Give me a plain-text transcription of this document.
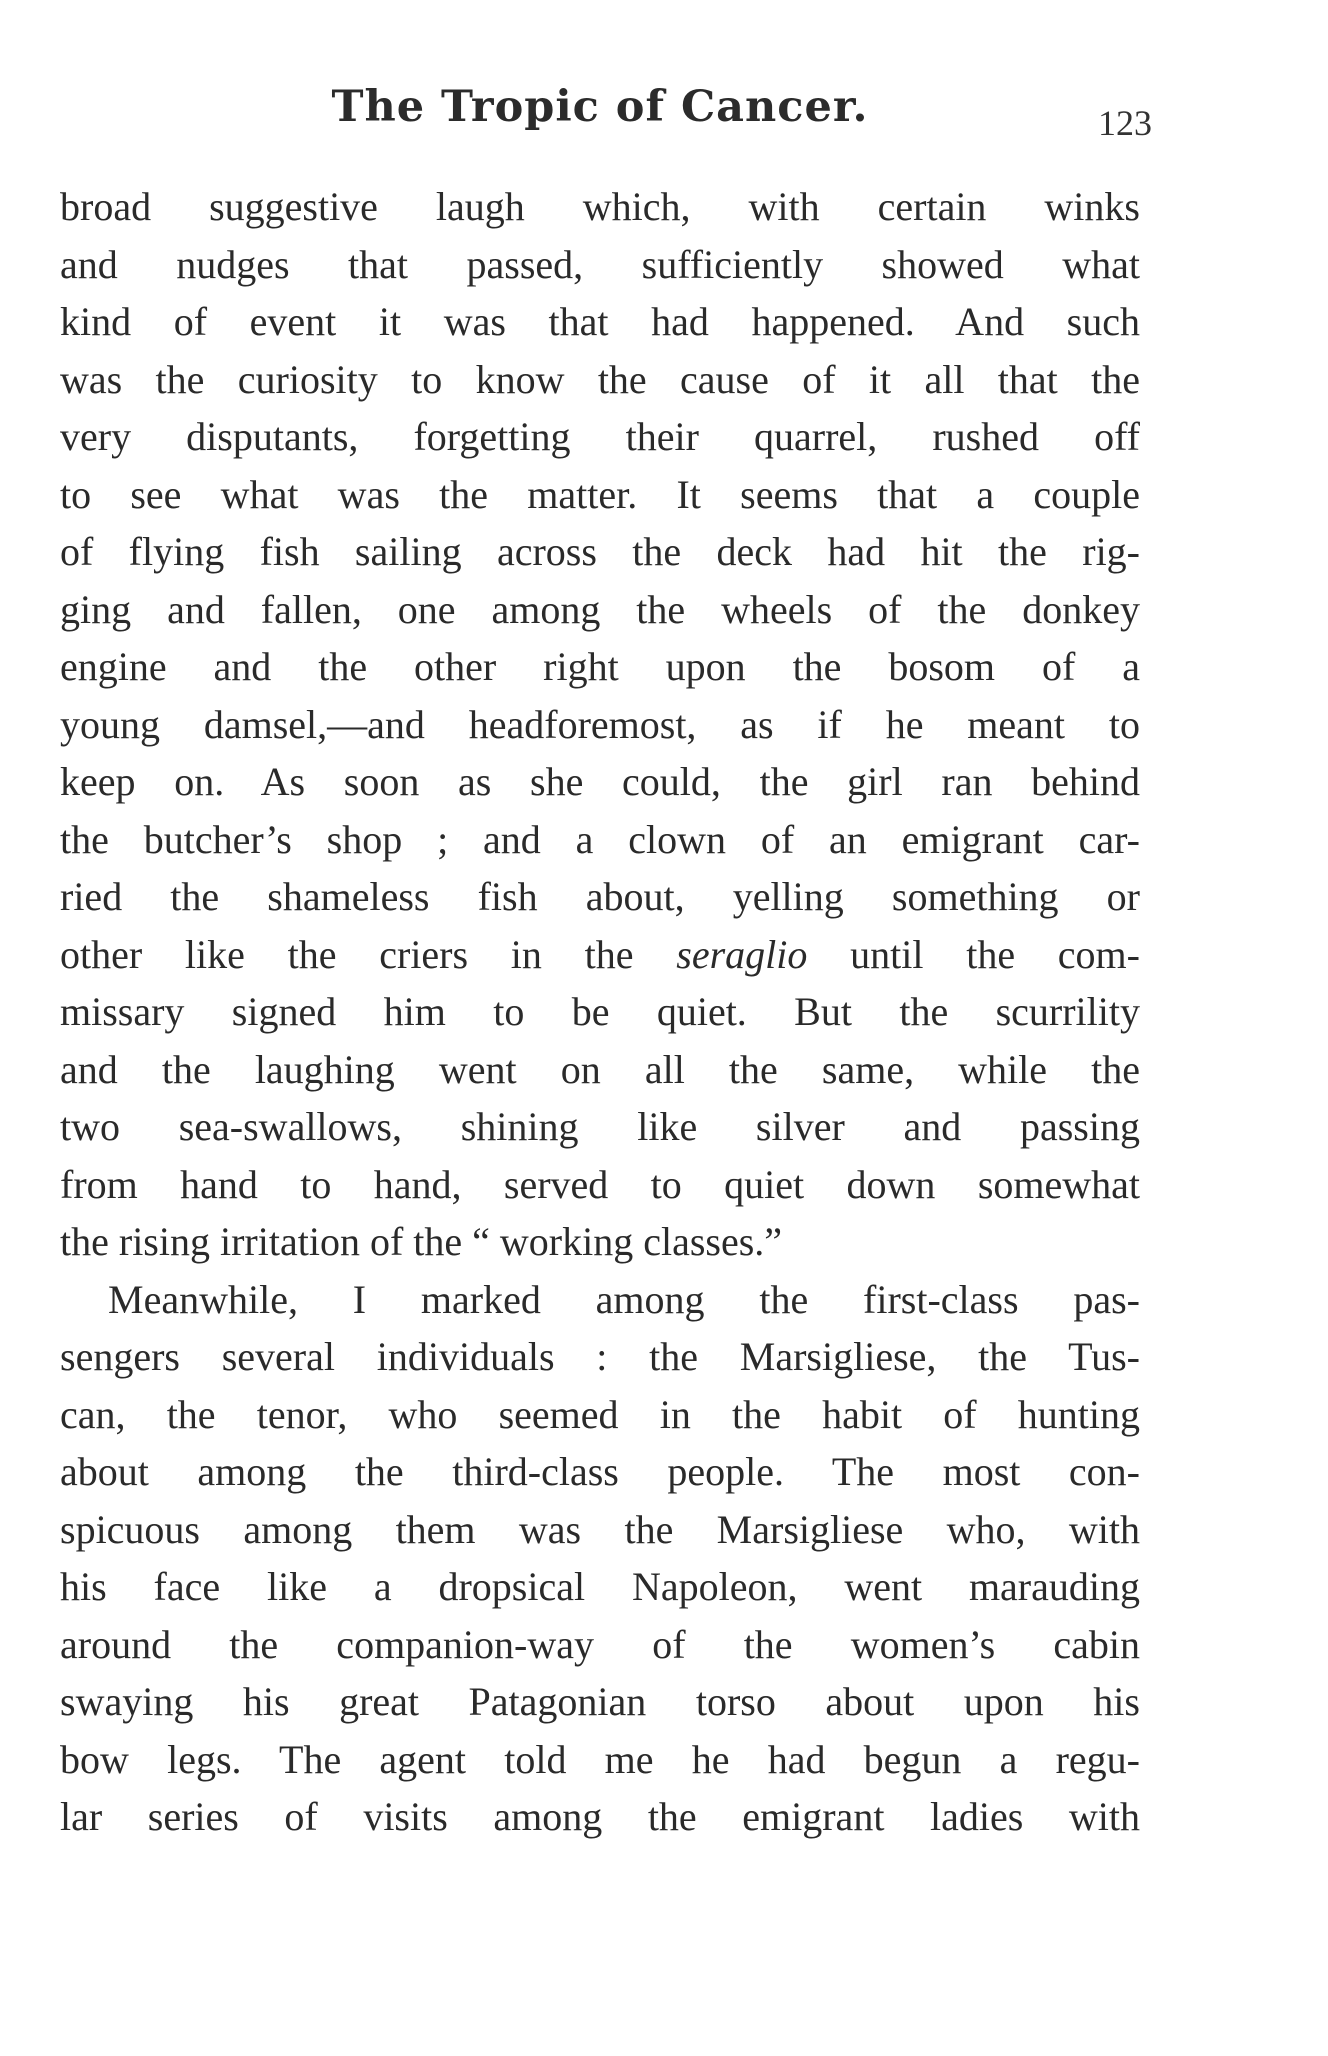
The Tropic of Cancer.	123
broad suggestive laugh which, with certain winks
and nudges that passed, sufficiently showed what
kind of event it was that had happened. And such
was the curiosity to know the cause of it all that the
very disputants, forgetting their quarrel, rushed off
to see what was the matter. It seems that a couple
of flying fish sailing across the deck had hit the rig-
ging and fallen, one among the wheels of the donkey
engine and the other right upon the bosom of a
young damsel,—and headforemost, as if he meant to
keep on. As soon as she could, the girl ran behind
the butcher’s shop ; and a clown of an emigrant car-
ried the shameless fish about, yelling something or
other like the criers in the seraglio until the com-
missary signed him to be quiet. But the scurrility
and the laughing went on all the same, while the
two sea-swallows, shining like silver and passing
from hand to hand, served to quiet down somewhat
the rising irritation of the “ working classes.”
Meanwhile, I marked among the first-class pas-
sengers several individuals : the Marsigliese, the Tus-
can, the tenor, who seemed in the habit of hunting
about among the third-class people. The most con-
spicuous among them was the Marsigliese who, with
his face like a dropsical Napoleon, went marauding
around the companion-way of the women’s cabin
swaying his great Patagonian torso about upon his
bow legs. The agent told me he had begun a regu-
lar series of visits among the emigrant ladies with
